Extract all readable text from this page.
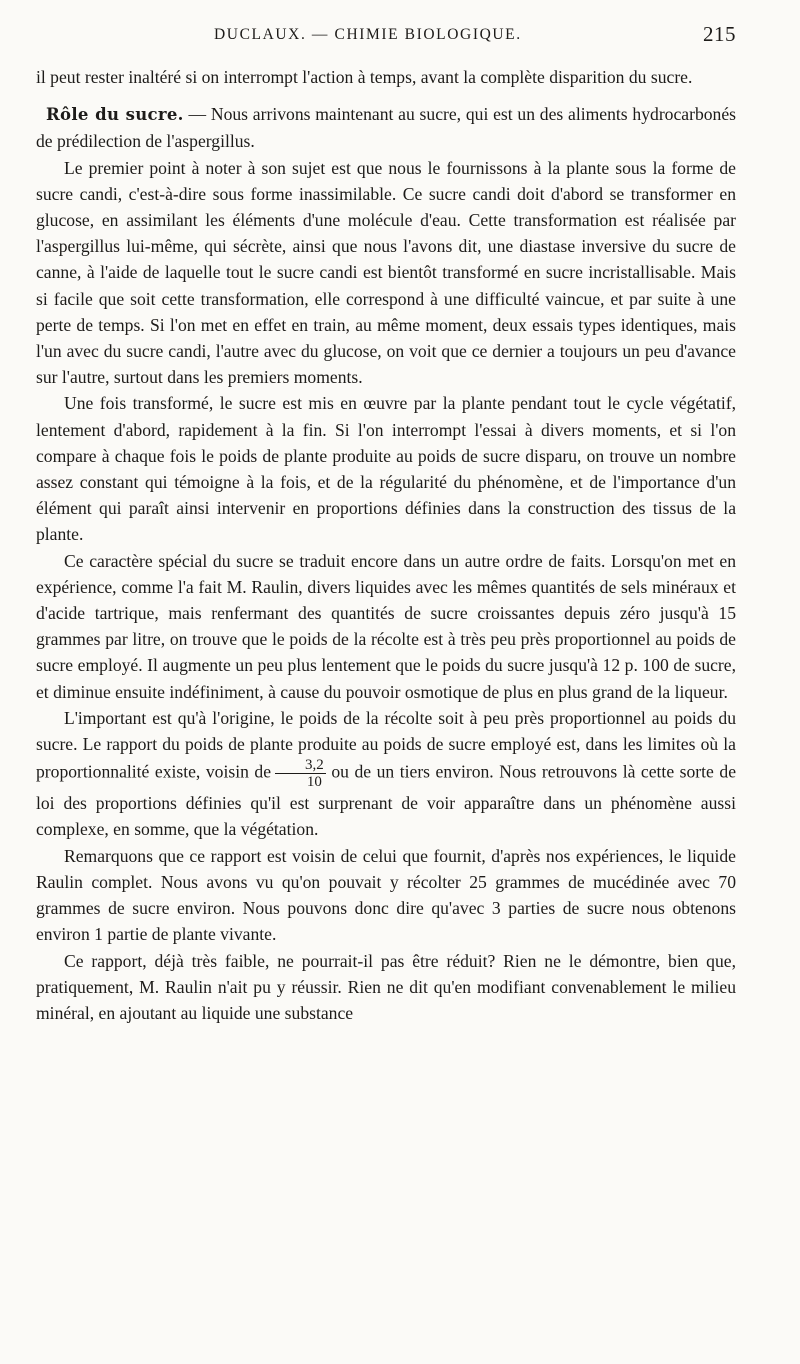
DUCLAUX. — CHIMIE BIOLOGIQUE.	215

il peut rester inaltéré si on interrompt l'action à temps, avant la complète disparition du sucre.

Rôle du sucre. — Nous arrivons maintenant au sucre, qui est un des aliments hydrocarbonés de prédilection de l'aspergillus.

Le premier point à noter à son sujet est que nous le fournissons à la plante sous la forme de sucre candi, c'est-à-dire sous forme inassimilable. Ce sucre candi doit d'abord se transformer en glucose, en assimilant les éléments d'une molécule d'eau. Cette transformation est réalisée par l'aspergillus lui-même, qui sécrète, ainsi que nous l'avons dit, une diastase inversive du sucre de canne, à l'aide de laquelle tout le sucre candi est bientôt transformé en sucre incristallisable. Mais si facile que soit cette transformation, elle correspond à une difficulté vaincue, et par suite à une perte de temps. Si l'on met en effet en train, au même moment, deux essais types identiques, mais l'un avec du sucre candi, l'autre avec du glucose, on voit que ce dernier a toujours un peu d'avance sur l'autre, surtout dans les premiers moments.

Une fois transformé, le sucre est mis en œuvre par la plante pendant tout le cycle végétatif, lentement d'abord, rapidement à la fin. Si l'on interrompt l'essai à divers moments, et si l'on compare à chaque fois le poids de plante produite au poids de sucre disparu, on trouve un nombre assez constant qui témoigne à la fois, et de la régularité du phénomène, et de l'importance d'un élément qui paraît ainsi intervenir en proportions définies dans la construction des tissus de la plante.

Ce caractère spécial du sucre se traduit encore dans un autre ordre de faits. Lorsqu'on met en expérience, comme l'a fait M. Raulin, divers liquides avec les mêmes quantités de sels minéraux et d'acide tartrique, mais renfermant des quantités de sucre croissantes depuis zéro jusqu'à 15 grammes par litre, on trouve que le poids de la récolte est à très peu près proportionnel au poids de sucre employé. Il augmente un peu plus lentement que le poids du sucre jusqu'à 12 p. 100 de sucre, et diminue ensuite indéfiniment, à cause du pouvoir osmotique de plus en plus grand de la liqueur.

L'important est qu'à l'origine, le poids de la récolte soit à peu près proportionnel au poids du sucre. Le rapport du poids de plante produite au poids de sucre employé est, dans les limites où la proportionnalité existe, voisin de $\frac{3,2}{10}$ ou de un tiers environ. Nous retrouvons là cette sorte de loi des proportions définies qu'il est surprenant de voir apparaître dans un phénomène aussi complexe, en somme, que la végétation.

Remarquons que ce rapport est voisin de celui que fournit, d'après nos expériences, le liquide Raulin complet. Nous avons vu qu'on pouvait y récolter 25 grammes de mucédinée avec 70 grammes de sucre environ. Nous pouvons donc dire qu'avec 3 parties de sucre nous obtenons environ 1 partie de plante vivante.

Ce rapport, déjà très faible, ne pourrait-il pas être réduit? Rien ne le démontre, bien que, pratiquement, M. Raulin n'ait pu y réussir. Rien ne dit qu'en modifiant convenablement le milieu minéral, en ajoutant au liquide une substance
